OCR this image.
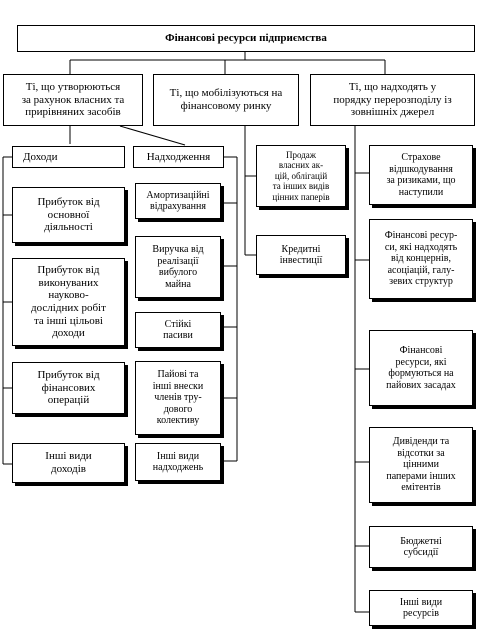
Фінансові ресурси підприємства
Ті, що утворюються
за рахунок власних та
прирівняних засобів
Ті, що мобілізуються на
фінансовому ринку
Ті, що надходять у
порядку перерозподілу із
зовнішніх джерел
Доходи
Прибуток від
основної
діяльності
Прибуток від
виконуваних
науково-
дослідних робіт
та інші цільові
доходи
Прибуток від
фінансових
операцій
Інші види
доходів
Надходження
Амортизаційні
відрахування
Виручка від
реалізації
вибулого
майна
Стійкі
пасиви
Пайові та
інші внески
членів тру-
дового
колективу
Інші види
надходжень
Продаж
власних ак-
цій, облігацій
та інших видів
цінних паперів
Кредитні
інвестиції
Страхове
відшкодування
за ризиками, що
наступили
Фінансові ресур-
си, які надходять
від концернів,
асоціацій, галу-
зевих структур
Фінансові
ресурси, які
формуються на
пайових засадах
Дивіденди та
відсотки за
цінними
паперами інших
емітентів
Бюджетні
субсидії
Інші види
ресурсів
